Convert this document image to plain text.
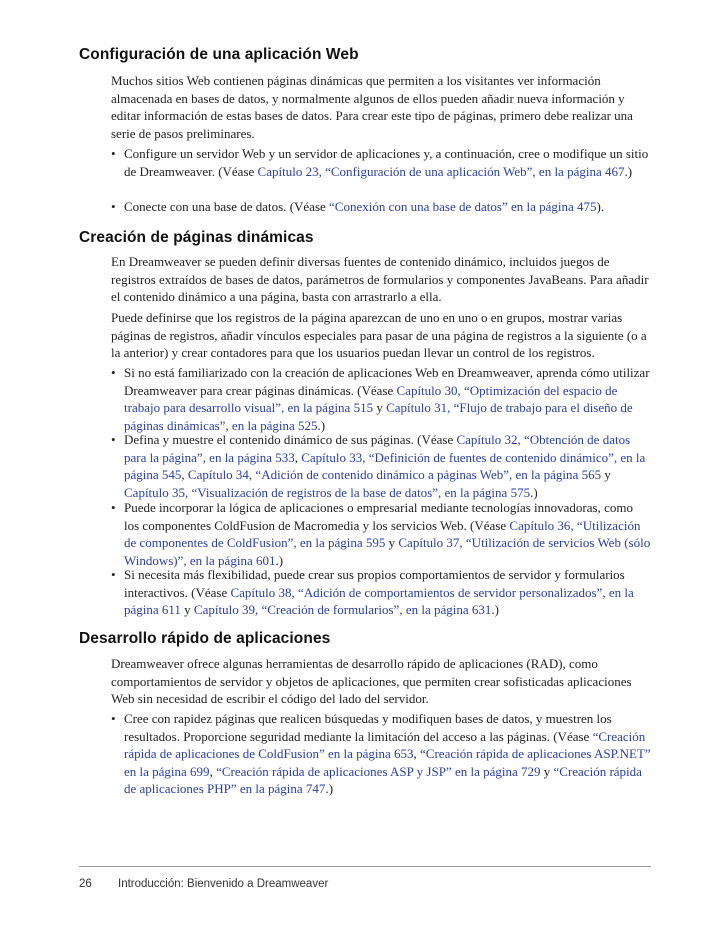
Configuración de una aplicación Web

Muchos sitios Web contienen páginas dinámicas que permiten a los visitantes ver información almacenada en bases de datos, y normalmente algunos de ellos pueden añadir nueva información y editar información de estas bases de datos. Para crear este tipo de páginas, primero debe realizar una serie de pasos preliminares.

• Configure un servidor Web y un servidor de aplicaciones y, a continuación, cree o modifique un sitio de Dreamweaver. (Véase Capítulo 23, “Configuración de una aplicación Web”, en la página 467.)
• Conecte con una base de datos. (Véase “Conexión con una base de datos” en la página 475).
Creación de páginas dinámicas

En Dreamweaver se pueden definir diversas fuentes de contenido dinámico, incluidos juegos de registros extraídos de bases de datos, parámetros de formularios y componentes JavaBeans. Para añadir el contenido dinámico a una página, basta con arrastrarlo a ella.

Puede definirse que los registros de la página aparezcan de uno en uno o en grupos, mostrar varias páginas de registros, añadir vínculos especiales para pasar de una página de registros a la siguiente (o a la anterior) y crear contadores para que los usuarios puedan llevar un control de los registros.

• Si no está familiarizado con la creación de aplicaciones Web en Dreamweaver, aprenda cómo utilizar Dreamweaver para crear páginas dinámicas. (Véase Capítulo 30, “Optimización del espacio de trabajo para desarrollo visual”, en la página 515 y Capítulo 31, “Flujo de trabajo para el diseño de páginas dinámicas”, en la página 525.)
• Defina y muestre el contenido dinámico de sus páginas. (Véase Capítulo 32, “Obtención de datos para la página”, en la página 533, Capítulo 33, “Definición de fuentes de contenido dinámico”, en la página 545, Capítulo 34, “Adición de contenido dinámico a páginas Web”, en la página 565 y Capítulo 35, “Visualización de registros de la base de datos”, en la página 575.)
• Puede incorporar la lógica de aplicaciones o empresarial mediante tecnologías innovadoras, como los componentes ColdFusion de Macromedia y los servicios Web. (Véase Capítulo 36, “Utilización de componentes de ColdFusion”, en la página 595 y Capítulo 37, “Utilización de servicios Web (sólo Windows)”, en la página 601.)
• Si necesita más flexibilidad, puede crear sus propios comportamientos de servidor y formularios interactivos. (Véase Capítulo 38, “Adición de comportamientos de servidor personalizados”, en la página 611 y Capítulo 39, “Creación de formularios”, en la página 631.)
Desarrollo rápido de aplicaciones

Dreamweaver ofrece algunas herramientas de desarrollo rápido de aplicaciones (RAD), como comportamientos de servidor y objetos de aplicaciones, que permiten crear sofisticadas aplicaciones Web sin necesidad de escribir el código del lado del servidor.

• Cree con rapidez páginas que realicen búsquedas y modifiquen bases de datos, y muestren los resultados. Proporcione seguridad mediante la limitación del acceso a las páginas. (Véase “Creación rápida de aplicaciones de ColdFusion” en la página 653, “Creación rápida de aplicaciones ASP.NET” en la página 699, “Creación rápida de aplicaciones ASP y JSP” en la página 729 y “Creación rápida de aplicaciones PHP” en la página 747.)
26 Introducción: Bienvenido a Dreamweaver
